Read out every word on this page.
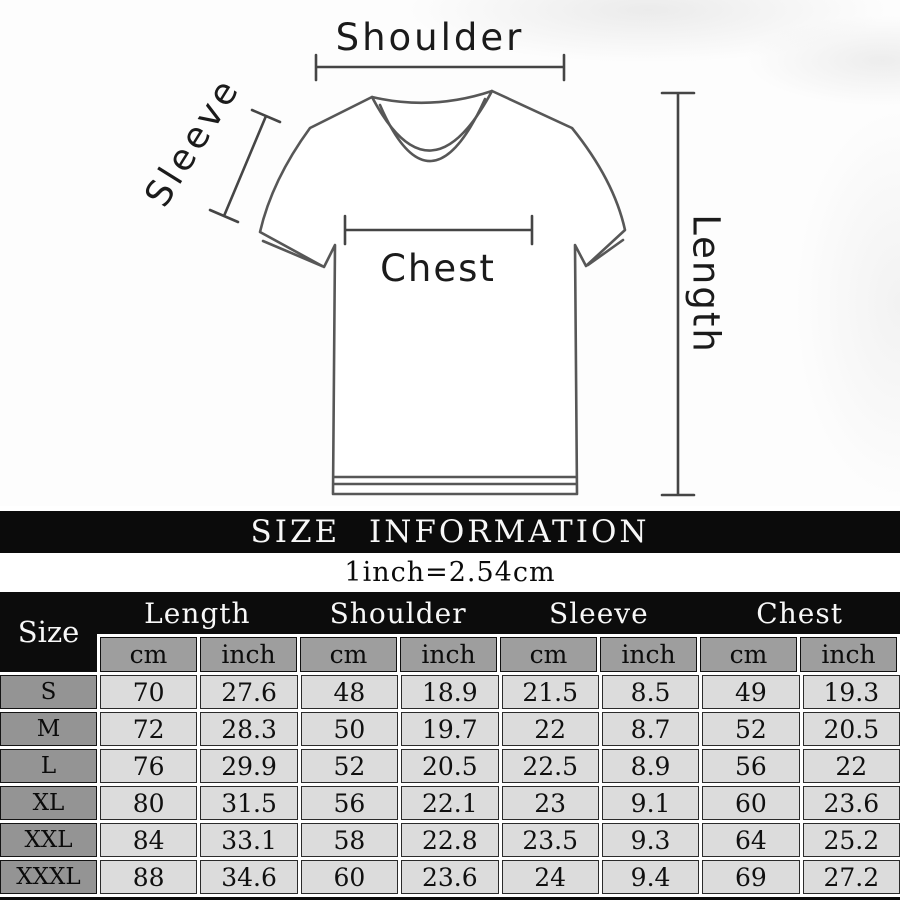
Shoulder
Sleeve
Chest	Length
SIZE INFORMATION
1inch=2.54cm
Size
Length	Shoulder	Sleeve	Chest
cm	inch	cm	inch	cm	inch	cm	inch
S	70	27.6	48	18.9	21.5	8.5	49	19.3
M	72	28.3	50	19.7	22	8.7	52	20.5
L	76	29.9	52	20.5	22.5	8.9	56	22
XL	80	31.5	56	22.1	23	9.1	60	23.6
XXL	84	33.1	58	22.8	23.5	9.3	64	25.2
XXXL	88	34.6	60	23.6	24	9.4	69	27.2
